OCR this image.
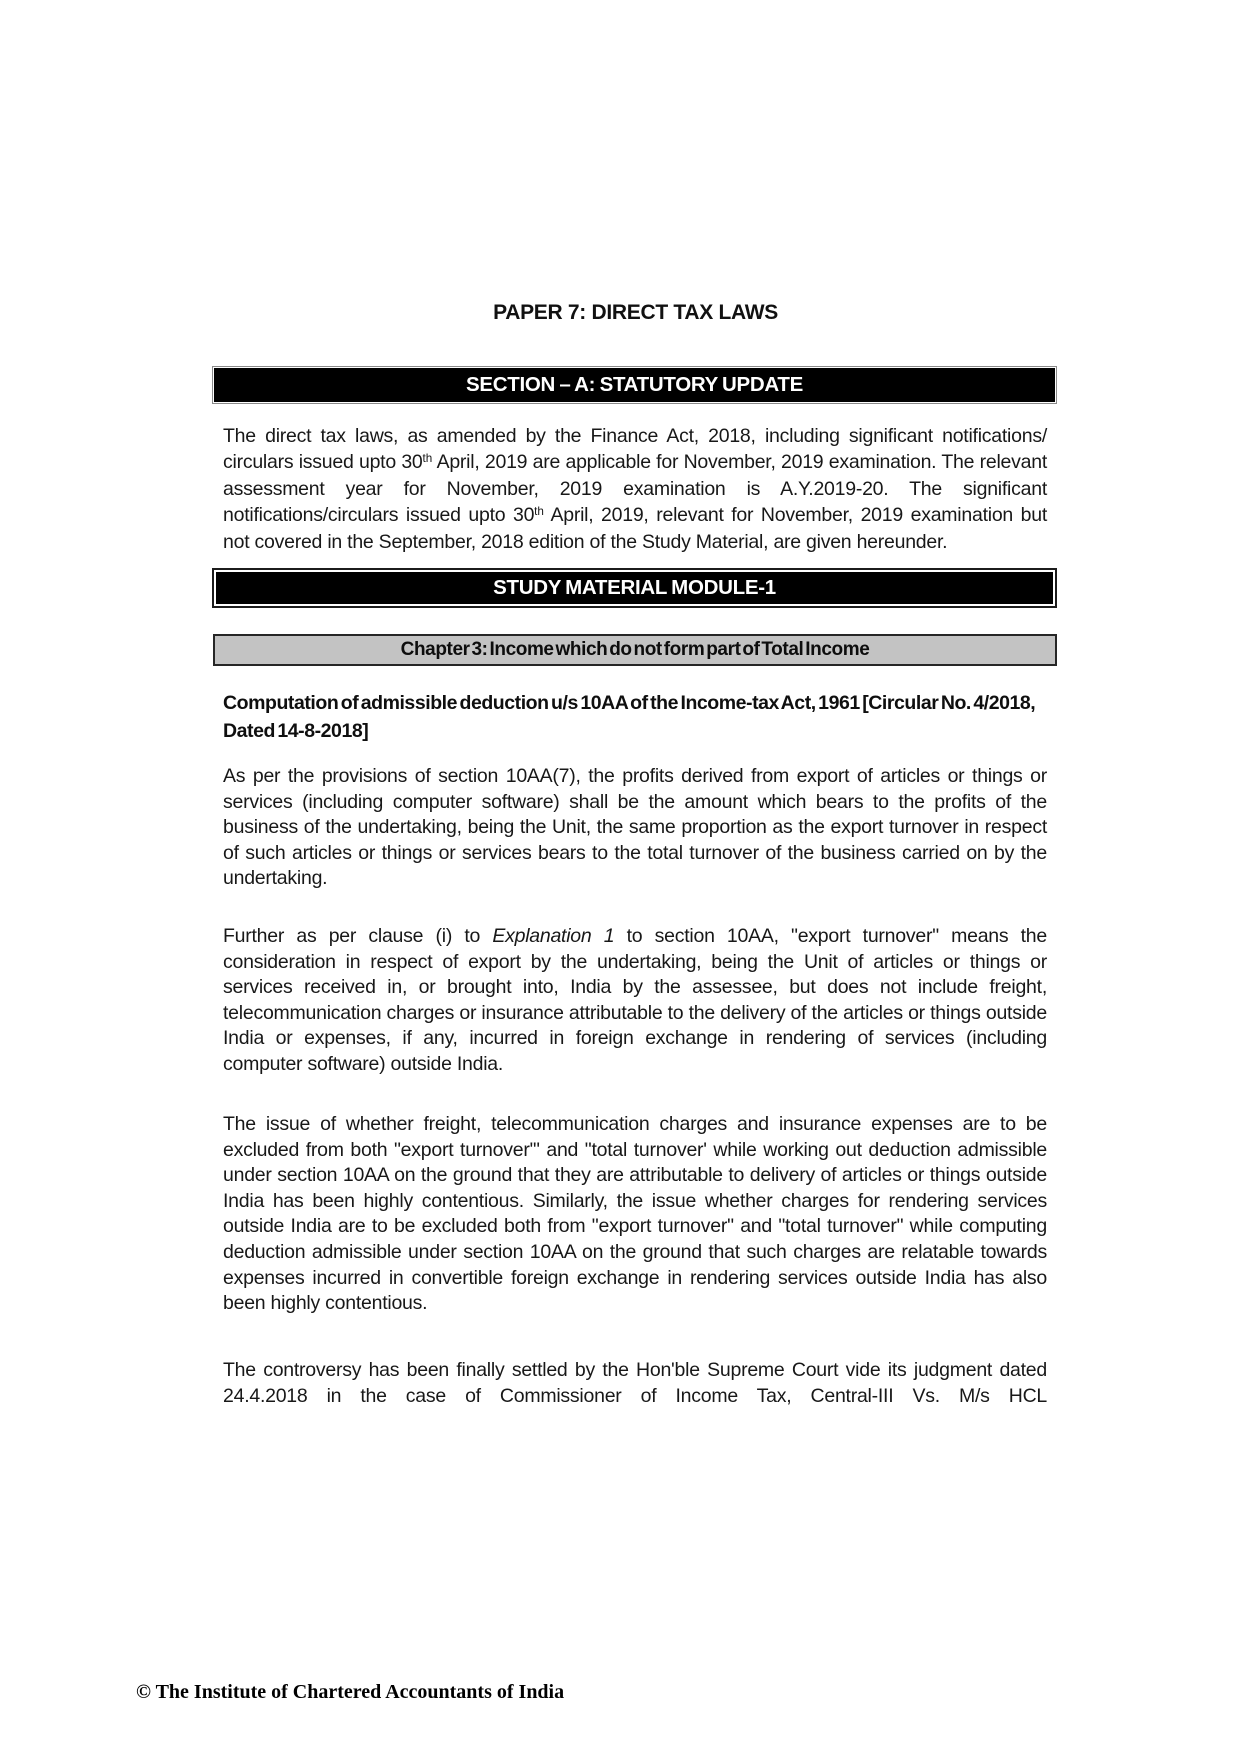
PAPER 7: DIRECT TAX LAWS
SECTION – A: STATUTORY UPDATE

The direct tax laws, as amended by the Finance Act, 2018, including significant notifications/ circulars issued upto 30th April, 2019 are applicable for November, 2019 examination. The relevant assessment year for November, 2019 examination is A.Y.2019-20. The significant notifications/circulars issued upto 30th April, 2019, relevant for November, 2019 examination but not covered in the September, 2018 edition of the Study Material, are given hereunder.

STUDY MATERIAL MODULE-1
Chapter 3: Income which do not form part of Total Income

Computation of admissible deduction u/s 10AA of the Income-tax Act, 1961 [Circular No. 4/2018, Dated 14-8-2018]

As per the provisions of section 10AA(7), the profits derived from export of articles or things or services (including computer software) shall be the amount which bears to the profits of the business of the undertaking, being the Unit, the same proportion as the export turnover in respect of such articles or things or services bears to the total turnover of the business carried on by the undertaking.

Further as per clause (i) to Explanation 1 to section 10AA, "export turnover" means the consideration in respect of export by the undertaking, being the Unit of articles or things or services received in, or brought into, India by the assessee, but does not include freight, telecommunication charges or insurance attributable to the delivery of the articles or things outside India or expenses, if any, incurred in foreign exchange in rendering of services (including computer software) outside India.

The issue of whether freight, telecommunication charges and insurance expenses are to be excluded from both "export turnover'" and "total turnover' while working out deduction admissible under section 10AA on the ground that they are attributable to delivery of articles or things outside India has been highly contentious. Similarly, the issue whether charges for rendering services outside India are to be excluded both from "export turnover" and "total turnover" while computing deduction admissible under section 10AA on the ground that such charges are relatable towards expenses incurred in convertible foreign exchange in rendering services outside India has also been highly contentious.

The controversy has been finally settled by the Hon'ble Supreme Court vide its judgment dated 24.4.2018 in the case of Commissioner of Income Tax, Central-III Vs. M/s HCL

© The Institute of Chartered Accountants of India
